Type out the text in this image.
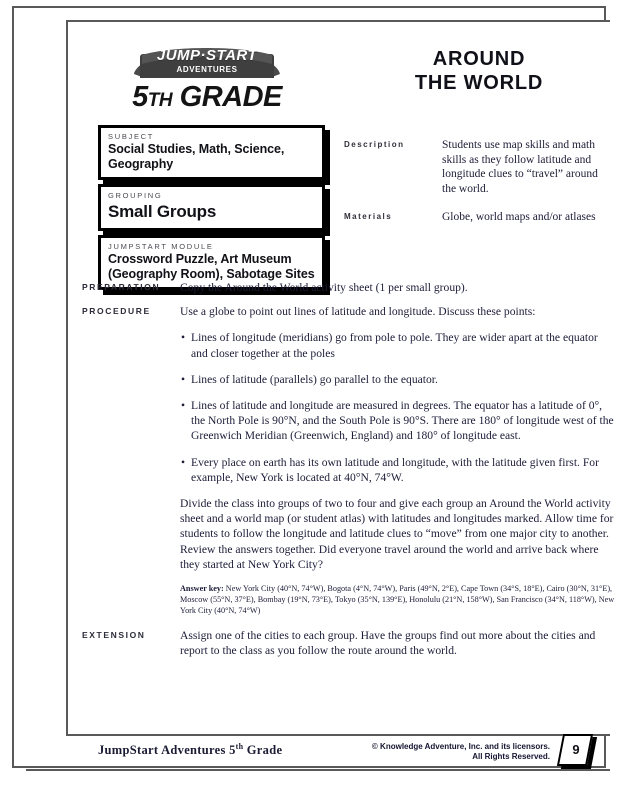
JUMP·START
ADVENTURES
5TH GRADE
SUBJECT
Social Studies, Math, Science, Geography
GROUPING
Small Groups
JUMPSTART MODULE
Crossword Puzzle, Art Museum (Geography Room), Sabotage Sites
AROUND
THE WORLD
Description	Students use map skills and math skills as they follow latitude and longitude clues to “travel” around the world.
Materials	Globe, world maps and/or atlases
PREPARATION	Copy the Around the World activity sheet (1 per small group).

PROCEDURE	Use a globe to point out lines of latitude and longitude. Discuss these points:

• Lines of longitude (meridians) go from pole to pole. They are wider apart at the equator and closer together at the poles
• Lines of latitude (parallels) go parallel to the equator.
• Lines of latitude and longitude are measured in degrees. The equator has a latitude of 0°, the North Pole is 90°N, and the South Pole is 90°S. There are 180° of longitude west of the Greenwich Meridian (Greenwich, England) and 180° of longitude east.
• Every place on earth has its own latitude and longitude, with the latitude given first. For example, New York is located at 40°N, 74°W.

Divide the class into groups of two to four and give each group an Around the World activity sheet and a world map (or student atlas) with latitudes and longitudes marked. Allow time for students to follow the longitude and latitude clues to “move” from one major city to another. Review the answers together. Did everyone travel around the world and arrive back where they started at New York City?

Answer key: New York City (40°N, 74°W), Bogota (4°N, 74°W), Paris (49°N, 2°E), Cape Town (34°S, 18°E), Cairo (30°N, 31°E), Moscow (55°N, 37°E), Bombay (19°N, 73°E), Tokyo (35°N, 139°E), Honolulu (21°N, 158°W), San Francisco (34°N, 118°W), New York City (40°N, 74°W)
EXTENSION	Assign one of the cities to each group. Have the groups find out more about the cities and report to the class as you follow the route around the world.

JumpStart Adventures 5th Grade	© Knowledge Adventure, Inc. and its licensors.
All Rights Reserved.	9
